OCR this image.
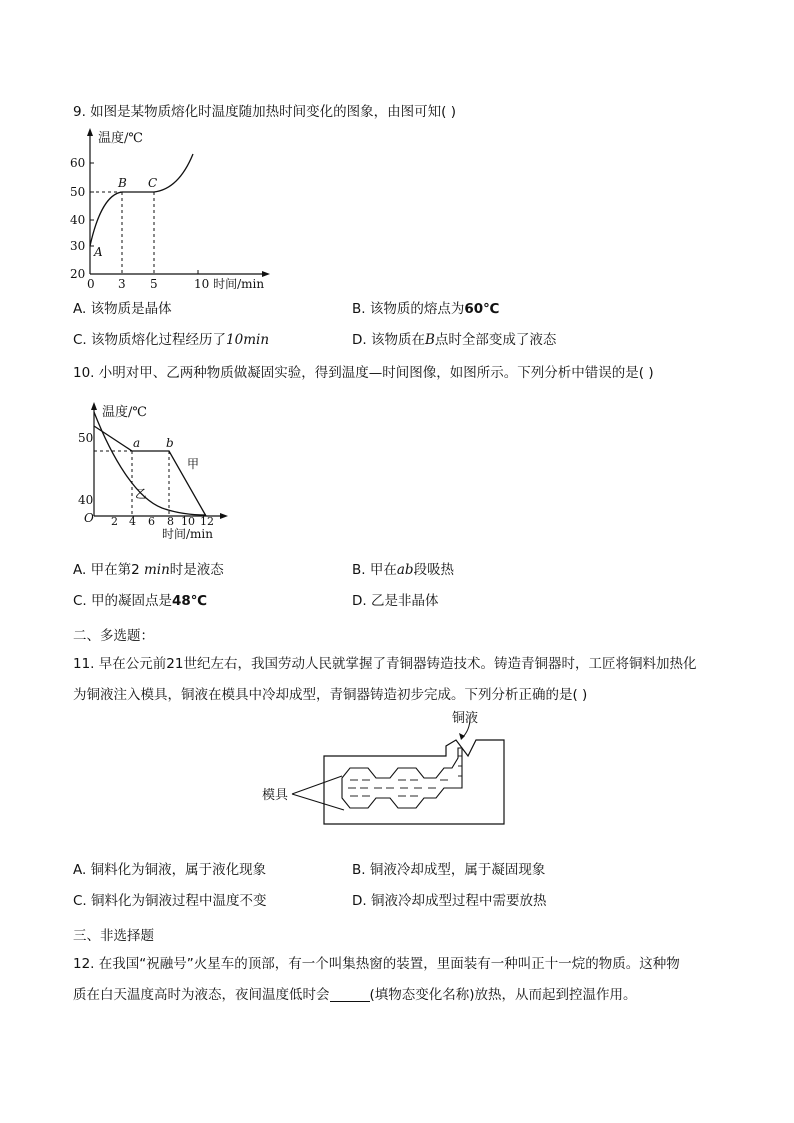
9. 如图是某物质熔化时温度随加热时间变化的图象，由图可知( )
温度/℃
60
50
40
30
20
0 3 5	10 时间/min
A
B C
A. 该物质是晶体	B. 该物质的熔点为60℃
C. 该物质熔化过程经历了10min	D. 该物质在B点时全部变成了液态
10. 小明对甲、乙两种物质做凝固实验，得到温度—时间图像，如图所示。下列分析中错误的是( )
温度/℃
50
40
O 2 4 6 8 10 12
时间/min
a b
甲
乙
A. 甲在第2 min时是液态	B. 甲在ab段吸热
C. 甲的凝固点是48℃	D. 乙是非晶体
二、多选题：
11. 早在公元前21世纪左右，我国劳动人民就掌握了青铜器铸造技术。铸造青铜器时，工匠将铜料加热化
为铜液注入模具，铜液在模具中冷却成型，青铜器铸造初步完成。下列分析正确的是( )
铜液
模具
A. 铜料化为铜液，属于液化现象	B. 铜液冷却成型，属于凝固现象
C. 铜料化为铜液过程中温度不变	D. 铜液冷却成型过程中需要放热
三、非选择题
12. 在我国“祝融号”火星车的顶部，有一个叫集热窗的装置，里面装有一种叫正十一烷的物质。这种物
质在白天温度高时为液态，夜间温度低时会	(填物态变化名称)放热，从而起到控温作用。
